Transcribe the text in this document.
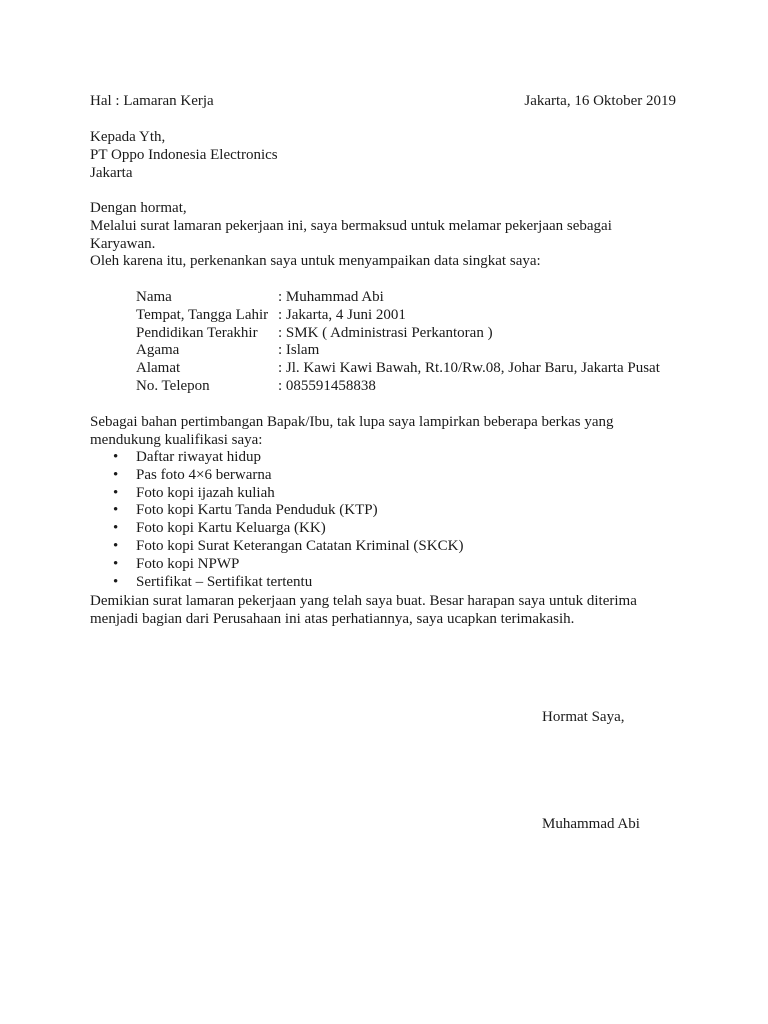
Hal : Lamaran Kerja	Jakarta, 16 Oktober 2019
Kepada Yth,
PT Oppo Indonesia Electronics
Jakarta
Dengan hormat,
Melalui surat lamaran pekerjaan ini, saya bermaksud untuk melamar pekerjaan sebagai
Karyawan.
Oleh karena itu, perkenankan saya untuk menyampaikan data singkat saya:
Nama	: Muhammad Abi
Tempat, Tangga Lahir	: Jakarta, 4 Juni 2001
Pendidikan Terakhir	: SMK ( Administrasi Perkantoran )
Agama	: Islam
Alamat	: Jl. Kawi Kawi Bawah, Rt.10/Rw.08, Johar Baru, Jakarta Pusat
No. Telepon	: 085591458838
Sebagai bahan pertimbangan Bapak/Ibu, tak lupa saya lampirkan beberapa berkas yang
mendukung kualifikasi saya:
• Daftar riwayat hidup
• Pas foto 4×6 berwarna
• Foto kopi ijazah kuliah
• Foto kopi Kartu Tanda Penduduk (KTP)
• Foto kopi Kartu Keluarga (KK)
• Foto kopi Surat Keterangan Catatan Kriminal (SKCK)
• Foto kopi NPWP
• Sertifikat – Sertifikat tertentu
Demikian surat lamaran pekerjaan yang telah saya buat. Besar harapan saya untuk diterima
menjadi bagian dari Perusahaan ini atas perhatiannya, saya ucapkan terimakasih.
Hormat Saya,
Muhammad Abi
